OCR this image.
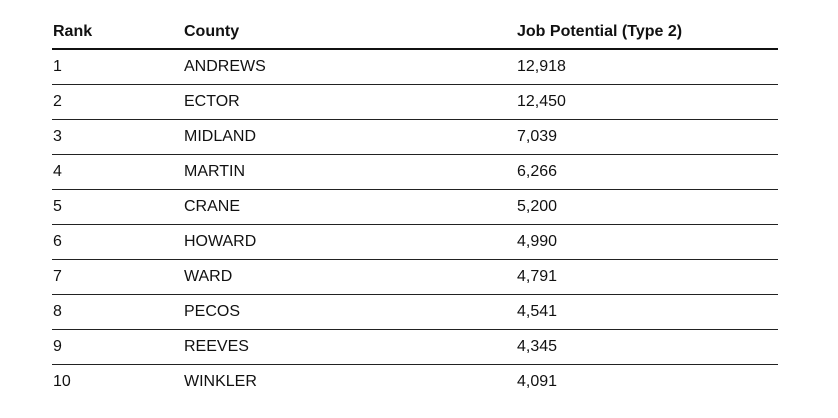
Rank	County	Job Potential (Type 2)
1	ANDREWS	12,918
2	ECTOR	12,450
3	MIDLAND	7,039
4	MARTIN	6,266
5	CRANE	5,200
6	HOWARD	4,990
7	WARD	4,791
8	PECOS	4,541
9	REEVES	4,345
10	WINKLER	4,091
